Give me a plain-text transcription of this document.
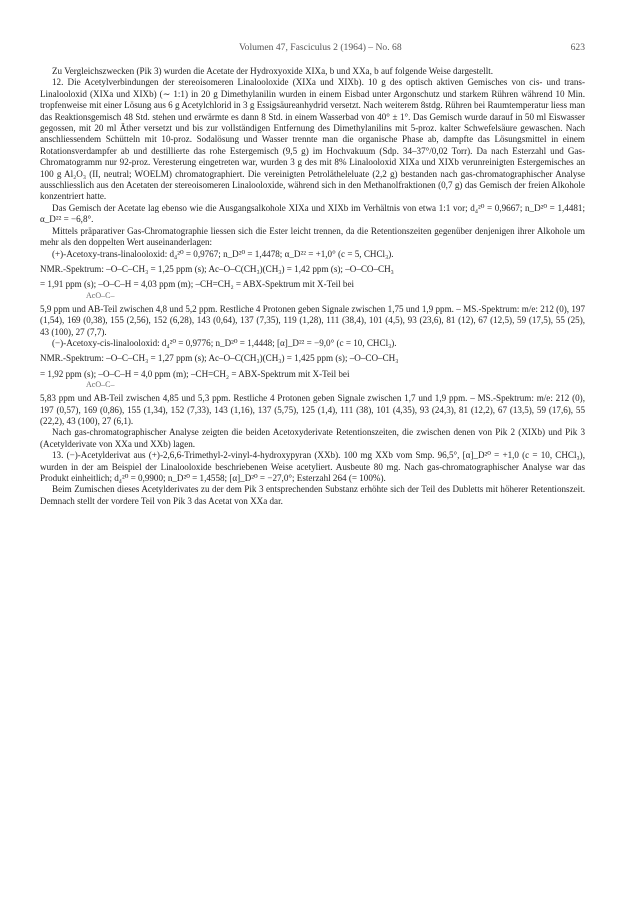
Volumen 47, Fasciculus 2 (1964) – No. 68	623

Zu Vergleichszwecken (Pik 3) wurden die Acetate der Hydroxyoxide XIXa, b und XXa, b auf folgende Weise dargestellt.

12. Die Acetylverbindungen der stereoisomeren Linalooloxide (XIXa und XIXb). 10 g des optisch aktiven Gemisches von cis- und trans-Linalooloxid (XIXa und XIXb) (∼ 1:1) in 20 g Dimethylanilin wurden in einem Eisbad unter Argonschutz und starkem Rühren während 10 Min. tropfenweise mit einer Lösung aus 6 g Acetylchlorid in 3 g Essigsäureanhydrid versetzt. Nach weiterem 8stdg. Rühren bei Raumtemperatur liess man das Reaktionsgemisch 48 Std. stehen und erwärmte es dann 8 Std. in einem Wasserbad von 40° ± 1°. Das Gemisch wurde darauf in 50 ml Eiswasser gegossen, mit 20 ml Äther versetzt und bis zur vollständigen Entfernung des Dimethylanilins mit 5-proz. kalter Schwefelsäure gewaschen. Nach anschliessendem Schütteln mit 10-proz. Sodalösung und Wasser trennte man die organische Phase ab, dampfte das Lösungsmittel in einem Rotationsverdampfer ab und destillierte das rohe Estergemisch (9,5 g) im Hochvakuum (Sdp. 34–37°/0,02 Torr). Da nach Esterzahl und Gas-Chromatogramm nur 92-proz. Veresterung eingetreten war, wurden 3 g des mit 8% Linalooloxid XIXa und XIXb verunreinigten Estergemisches an 100 g Al₂O₃ (II, neutral; WOELM) chromatographiert. Die vereinigten Petrolätheleluate (2,2 g) bestanden nach gas-chromatographischer Analyse ausschliesslich aus den Acetaten der stereoisomeren Linalooloxide, während sich in den Methanolfraktionen (0,7 g) das Gemisch der freien Alkohole konzentriert hatte.

Das Gemisch der Acetate lag ebenso wie die Ausgangsalkohole XIXa und XIXb im Verhältnis von etwa 1:1 vor; d₄²⁰ = 0,9667; n_D²⁰ = 1,4481; α_D²² = −6,8°.

Mittels präparativer Gas-Chromatographie liessen sich die Ester leicht trennen, da die Retentionszeiten gegenüber denjenigen ihrer Alkohole um mehr als den doppelten Wert auseinanderlagen:

(+)-Acetoxy-trans-linalooloxid: d₄²⁰ = 0,9767; n_D²⁰ = 1,4478; α_D²² = +1,0° (c = 5, CHCl₃).

NMR.-Spektrum: –O–C–CH₃ = 1,25 ppm (s); Ac–O–C(CH₃)(CH₃) = 1,42 ppm (s); –O–CO–CH₃

= 1,91 ppm (s); –O–C–H = 4,03 ppm (m); –CH=CH₂ = ABX-Spektrum mit X-Teil bei

AcO–C–

5,9 ppm und AB-Teil zwischen 4,8 und 5,2 ppm. Restliche 4 Protonen geben Signale zwischen 1,75 und 1,9 ppm. – MS.-Spektrum: m/e: 212 (0), 197 (1,54), 169 (0,38), 155 (2,56), 152 (6,28), 143 (0,64), 137 (7,35), 119 (1,28), 111 (38,4), 101 (4,5), 93 (23,6), 81 (12), 67 (12,5), 59 (17,5), 55 (25), 43 (100), 27 (7,7).

(−)-Acetoxy-cis-linalooloxid: d₄²⁰ = 0,9776; n_D²⁰ = 1,4448; [α]_D²² = −9,0° (c = 10, CHCl₃).

NMR.-Spektrum: –O–C–CH₃ = 1,27 ppm (s); Ac–O–C(CH₃)(CH₃) = 1,425 ppm (s); –O–CO–CH₃

= 1,92 ppm (s); –O–C–H = 4,0 ppm (m); –CH=CH₂ = ABX-Spektrum mit X-Teil bei

AcO–C–

5,83 ppm und AB-Teil zwischen 4,85 und 5,3 ppm. Restliche 4 Protonen geben Signale zwischen 1,7 und 1,9 ppm. – MS.-Spektrum: m/e: 212 (0), 197 (0,57), 169 (0,86), 155 (1,34), 152 (7,33), 143 (1,16), 137 (5,75), 125 (1,4), 111 (38), 101 (4,35), 93 (24,3), 81 (12,2), 67 (13,5), 59 (17,6), 55 (22,2), 43 (100), 27 (6,1).

Nach gas-chromatographischer Analyse zeigten die beiden Acetoxyderivate Retentionszeiten, die zwischen denen von Pik 2 (XIXb) und Pik 3 (Acetylderivate von XXa und XXb) lagen.

13. (−)-Acetylderivat aus (+)-2,6,6-Trimethyl-2-vinyl-4-hydroxypyran (XXb). 100 mg XXb vom Smp. 96,5°, [α]_D²⁰ = +1,0 (c = 10, CHCl₃), wurden in der am Beispiel der Linalooloxide beschriebenen Weise acetyliert. Ausbeute 80 mg. Nach gas-chromatographischer Analyse war das Produkt einheitlich; d₄²⁰ = 0,9900; n_D²⁰ = 1,4558; [α]_D²⁰ = −27,0°; Esterzahl 264 (= 100%).

Beim Zumischen dieses Acetylderivates zu der dem Pik 3 entsprechenden Substanz erhöhte sich der Teil des Dubletts mit höherer Retentionszeit. Demnach stellt der vordere Teil von Pik 3 das Acetat von XXa dar.
